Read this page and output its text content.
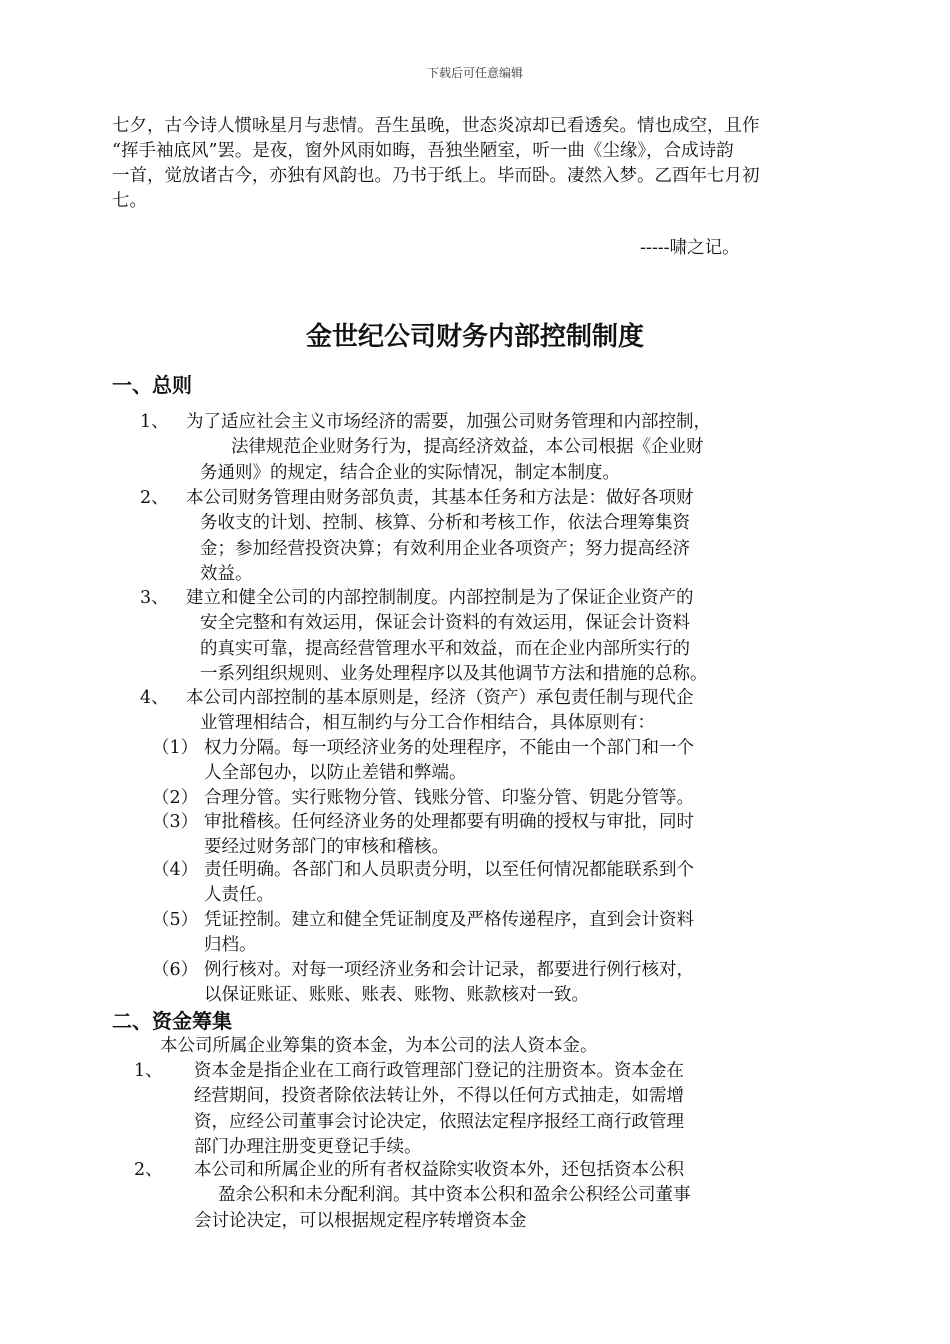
下载后可任意编辑
七夕，古今诗人惯咏星月与悲情。吾生虽晚，世态炎凉却已看透矣。情也成空，且作
“挥手袖底风”罢。是夜，窗外风雨如晦，吾独坐陋室，听一曲《尘缘》，合成诗韵
一首，觉放诸古今，亦独有风韵也。乃书于纸上。毕而卧。凄然入梦。乙酉年七月初
七。
-----啸之记。
金世纪公司财务内部控制制度
一、总则
1、 为了适应社会主义市场经济的需要，加强公司财务管理和内部控制，

法律规范企业财务行为，提高经济效益，本公司根据《企业财

务通则》的规定，结合企业的实际情况，制定本制度。

2、 本公司财务管理由财务部负责，其基本任务和方法是：做好各项财

务收支的计划、控制、核算、分析和考核工作，依法合理筹集资

金；参加经营投资决算；有效利用企业各项资产；努力提高经济

效益。

3、 建立和健全公司的内部控制制度。内部控制是为了保证企业资产的

安全完整和有效运用，保证会计资料的有效运用，保证会计资料

的真实可靠，提高经营管理水平和效益，而在企业内部所实行的

一系列组织规则、业务处理程序以及其他调节方法和措施的总称。

4、 本公司内部控制的基本原则是，经济（资产）承包责任制与现代企

业管理相结合，相互制约与分工合作相结合，具体原则有：

（1） 权力分隔。每一项经济业务的处理程序，不能由一个部门和一个

人全部包办，以防止差错和弊端。

（2） 合理分管。实行账物分管、钱账分管、印鉴分管、钥匙分管等。

（3） 审批稽核。任何经济业务的处理都要有明确的授权与审批，同时

要经过财务部门的审核和稽核。

（4） 责任明确。各部门和人员职责分明，以至任何情况都能联系到个

人责任。

（5） 凭证控制。建立和健全凭证制度及严格传递程序，直到会计资料

归档。

（6） 例行核对。对每一项经济业务和会计记录，都要进行例行核对，

以保证账证、账账、账表、账物、账款核对一致。

二、资金筹集

本公司所属企业筹集的资本金，为本公司的法人资本金。

1、 资本金是指企业在工商行政管理部门登记的注册资本。资本金在

经营期间，投资者除依法转让外，不得以任何方式抽走，如需增

资，应经公司董事会讨论决定，依照法定程序报经工商行政管理

部门办理注册变更登记手续。

2、 本公司和所属企业的所有者权益除实收资本外，还包括资本公积

盈余公积和未分配利润。其中资本公积和盈余公积经公司董事

会讨论决定，可以根据规定程序转增资本金
